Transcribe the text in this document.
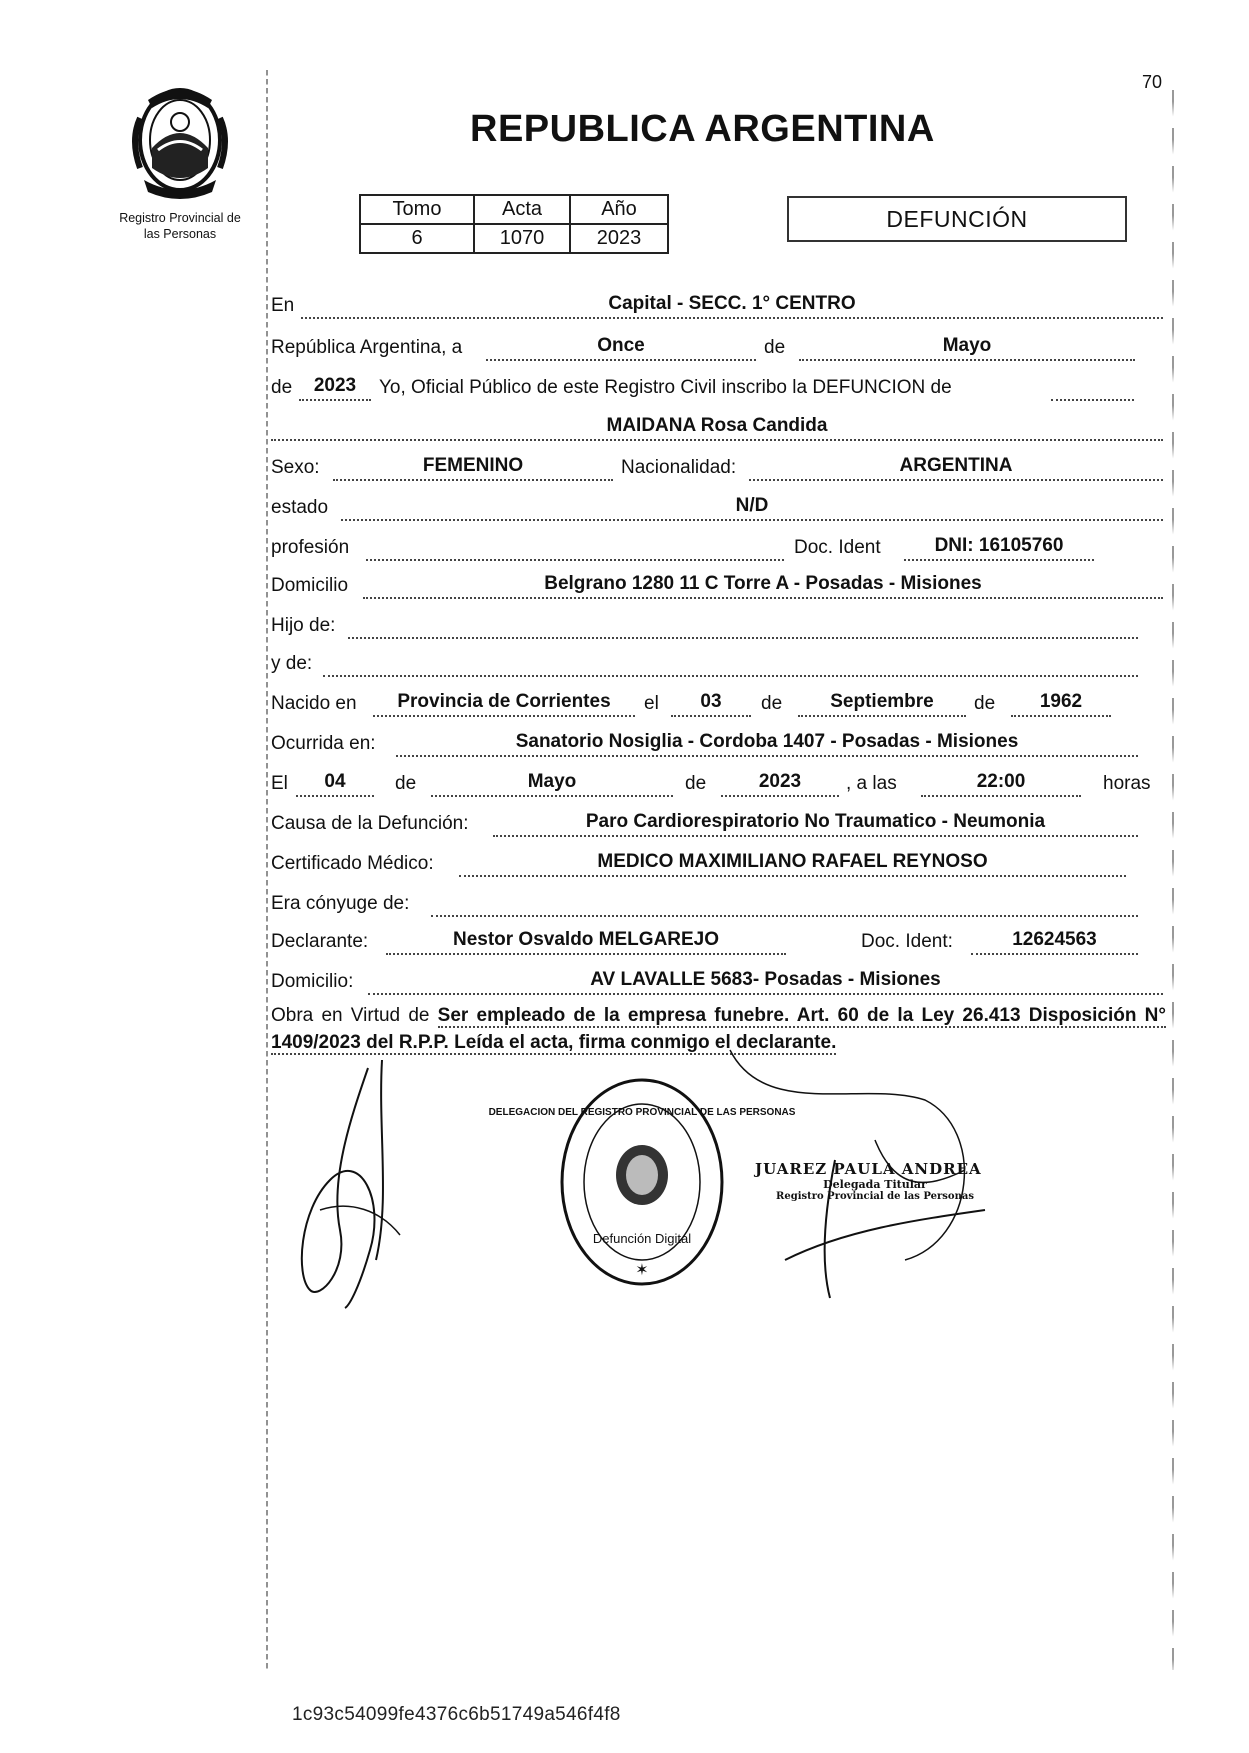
70
Registro Provincial de
las Personas
REPUBLICA ARGENTINA
Tomo	Acta	Año
6	1070	2023
DEFUNCIÓN
En	Capital - SECC. 1° CENTRO
República Argentina, a	Once	de	Mayo
de	2023	Yo, Oficial Público de este Registro Civil inscribo la DEFUNCION de
MAIDANA Rosa Candida
Sexo:	FEMENINO	Nacionalidad:	ARGENTINA
estado	N/D
profesión	Doc. Ident	DNI: 16105760
Domicilio	Belgrano 1280 11 C Torre A - Posadas - Misiones
Hijo de:
y de:
Nacido en	Provincia de Corrientes	el	03	de	Septiembre	de	1962
Ocurrida en:	Sanatorio Nosiglia - Cordoba 1407 - Posadas - Misiones
El	04	de	Mayo	de	2023	, a las	22:00	horas
Causa de la Defunción:	Paro Cardiorespiratorio No Traumatico - Neumonia
Certificado Médico:	MEDICO MAXIMILIANO RAFAEL REYNOSO
Era cónyuge de:
Declarante:	Nestor Osvaldo MELGAREJO	Doc. Ident:	12624563
Domicilio:	AV LAVALLE 5683- Posadas - Misiones
Obra en Virtud de Ser empleado de la empresa funebre. Art. 60 de la Ley 26.413 Disposición N° 1409/2023 del R.P.P. Leída el acta, firma conmigo el declarante.
DELEGACION DEL REGISTRO PROVINCIAL DE LAS PERSONAS
Defunción Digital
✶
JUAREZ PAULA ANDREA
Delegada Titular
Registro Provincial de las Personas
1c93c54099fe4376c6b51749a546f4f8
